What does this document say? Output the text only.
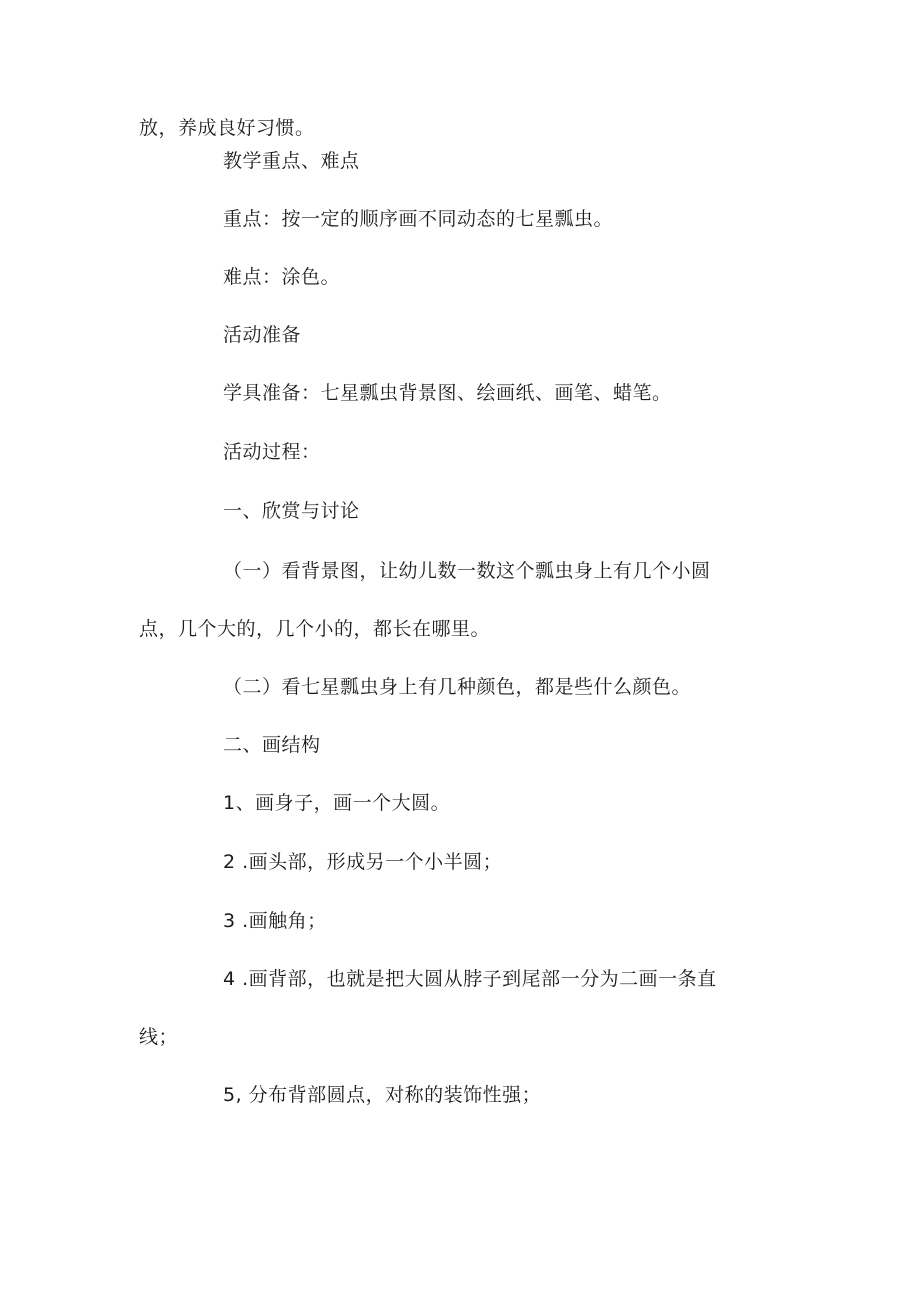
放，养成良好习惯。
教学重点、难点
重点：按一定的顺序画不同动态的七星瓢虫。
难点：涂色。
活动准备
学具准备：七星瓢虫背景图、绘画纸、画笔、蜡笔。
活动过程：
一、欣赏与讨论
（一）看背景图，让幼儿数一数这个瓢虫身上有几个小圆
点，几个大的，几个小的，都长在哪里。
（二）看七星瓢虫身上有几种颜色，都是些什么颜色。
二、画结构
1、画身子，画一个大圆。
2 .画头部，形成另一个小半圆；
3 .画触角；
4 .画背部，也就是把大圆从脖子到尾部一分为二画一条直
线；
5, 分布背部圆点，对称的装饰性强；
